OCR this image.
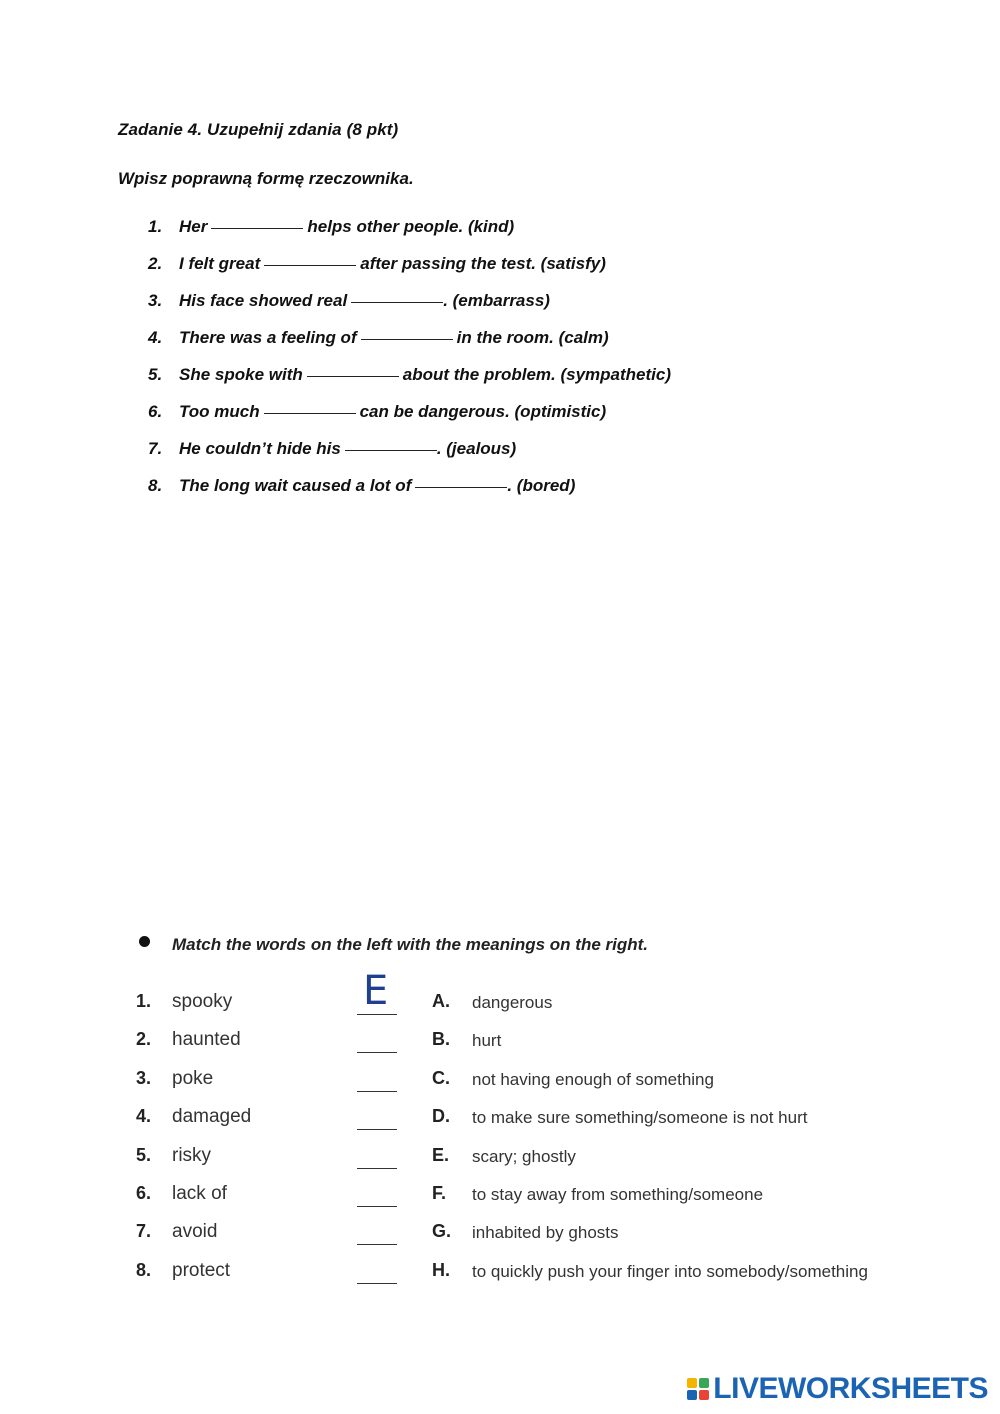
Zadanie 4. Uzupełnij zdania (8 pkt)
Wpisz poprawną formę rzeczownika.
1. Her	helps other people. (kind)
2. I felt great	after passing the test. (satisfy)
3. His face showed real	. (embarrass)
4. There was a feeling of	in the room. (calm)
5. She spoke with	about the problem. (sympathetic)
6. Too much	can be dangerous. (optimistic)
7. He couldn’t hide his	. (jealous)
8. The long wait caused a lot of	. (bored)
Match the words on the left with the meanings on the right.
1. spooky	E A. dangerous
2. haunted	B. hurt
3. poke	C. not having enough of something
4. damaged	D. to make sure something/someone is not hurt
5. risky	E. scary; ghostly
6. lack of	F. to stay away from something/someone
7. avoid	G. inhabited by ghosts
8. protect	H. to quickly push your finger into somebody/something
LIVEWORKSHEETS
